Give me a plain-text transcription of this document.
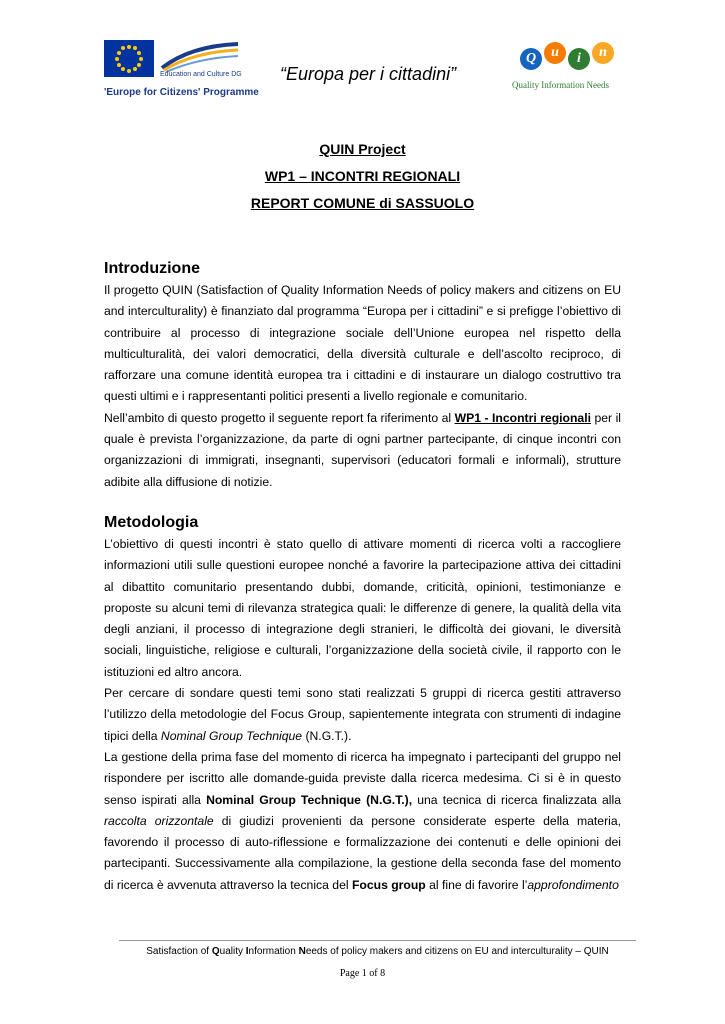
Education and Culture DG
'Europe for Citizens' Programme
“Europa per i cittadini”
Q	u	i	n
Quality Information Needs
QUIN Project
WP1 – INCONTRI REGIONALI
REPORT COMUNE di SASSUOLO
Introduzione

Il progetto QUIN (Satisfaction of Quality Information Needs of policy makers and citizens on EU and interculturality) è finanziato dal programma “Europa per i cittadini” e si prefigge l’obiettivo di contribuire al processo di integrazione sociale dell’Unione europea nel rispetto della multiculturalità, dei valori democratici, della diversità culturale e dell’ascolto reciproco, di rafforzare una comune identità europea tra i cittadini e di instaurare un dialogo costruttivo tra questi ultimi e i rappresentanti politici presenti a livello regionale e comunitario.

Nell’ambito di questo progetto il seguente report fa riferimento al WP1 - Incontri regionali per il quale è prevista l’organizzazione, da parte di ogni partner partecipante, di cinque incontri con organizzazioni di immigrati, insegnanti, supervisori (educatori formali e informali), strutture adibite alla diffusione di notizie.

Metodologia

L’obiettivo di questi incontri è stato quello di attivare momenti di ricerca volti a raccogliere informazioni utili sulle questioni europee nonché a favorire la partecipazione attiva dei cittadini al dibattito comunitario presentando dubbi, domande, criticità, opinioni, testimonianze e proposte su alcuni temi di rilevanza strategica quali: le differenze di genere, la qualità della vita degli anziani, il processo di integrazione degli stranieri, le difficoltà dei giovani, le diversità sociali, linguistiche, religiose e culturali, l’organizzazione della società civile, il rapporto con le istituzioni ed altro ancora.

Per cercare di sondare questi temi sono stati realizzati 5 gruppi di ricerca gestiti attraverso l’utilizzo della metodologie del Focus Group, sapientemente integrata con strumenti di indagine tipici della Nominal Group Technique (N.G.T.).

La gestione della prima fase del momento di ricerca ha impegnato i partecipanti del gruppo nel rispondere per iscritto alle domande-guida previste dalla ricerca medesima. Ci si è in questo senso ispirati alla Nominal Group Technique (N.G.T.), una tecnica di ricerca finalizzata alla raccolta orizzontale di giudizi provenienti da persone considerate esperte della materia, favorendo il processo di auto-riflessione e formalizzazione dei contenuti e delle opinioni dei partecipanti. Successivamente alla compilazione, la gestione della seconda fase del momento di ricerca è avvenuta attraverso la tecnica del Focus group al fine di favorire l’approfondimento

Satisfaction of Quality Information Needs of policy makers and citizens on EU and interculturality – QUIN
Page 1 of 8
